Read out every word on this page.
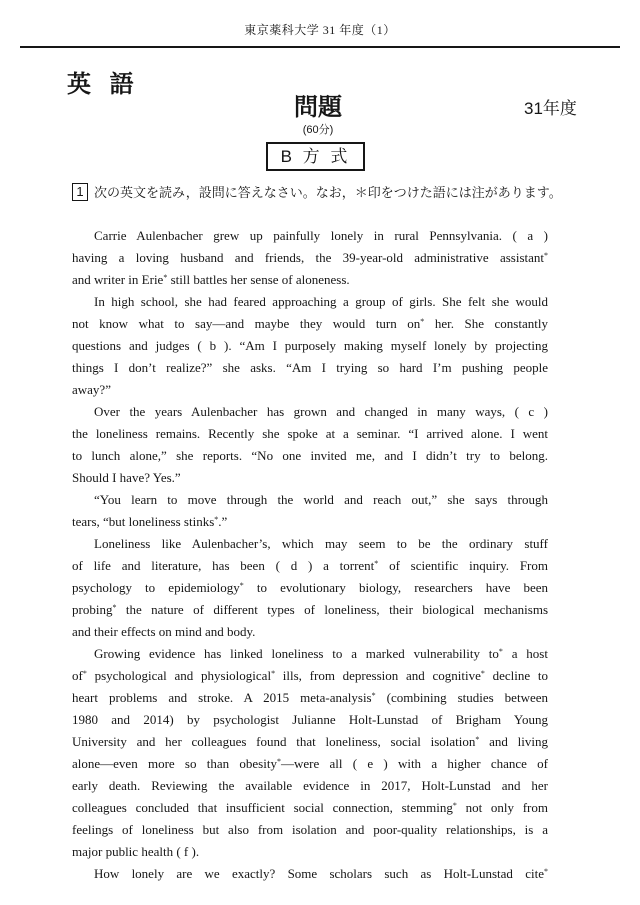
東京薬科大学 31 年度（1）
英 語
問題	31年度
(60分)
B 方 式
1 次の英文を読み，設問に答えなさい。なお，＊印をつけた語には注があります。
Carrie Aulenbacher grew up painfully lonely in rural Pennsylvania. ( a )
having a loving husband and friends, the 39-year-old administrative assistant*
and writer in Erie* still battles her sense of aloneness.
In high school, she had feared approaching a group of girls. She felt she would
not know what to say—and maybe they would turn on* her. She constantly
questions and judges ( b ). “Am I purposely making myself lonely by projecting
things I don’t realize?” she asks. “Am I trying so hard I’m pushing people
away?”
Over the years Aulenbacher has grown and changed in many ways, ( c )
the loneliness remains. Recently she spoke at a seminar. “I arrived alone. I went
to lunch alone,” she reports. “No one invited me, and I didn’t try to belong.
Should I have? Yes.”
“You learn to move through the world and reach out,” she says through
tears, “but loneliness stinks*.”
Loneliness like Aulenbacher’s, which may seem to be the ordinary stuff
of life and literature, has been ( d ) a torrent* of scientific inquiry. From
psychology to epidemiology* to evolutionary biology, researchers have been
probing* the nature of different types of loneliness, their biological mechanisms
and their effects on mind and body.
Growing evidence has linked loneliness to a marked vulnerability to* a host
of* psychological and physiological* ills, from depression and cognitive* decline to
heart problems and stroke. A 2015 meta-analysis* (combining studies between
1980 and 2014) by psychologist Julianne Holt-Lunstad of Brigham Young
University and her colleagues found that loneliness, social isolation* and living
alone—even more so than obesity*—were all ( e ) with a higher chance of
early death. Reviewing the available evidence in 2017, Holt-Lunstad and her
colleagues concluded that insufficient social connection, stemming* not only from
feelings of loneliness but also from isolation and poor-quality relationships, is a
major public health ( f ).
How lonely are we exactly? Some scholars such as Holt-Lunstad cite*
